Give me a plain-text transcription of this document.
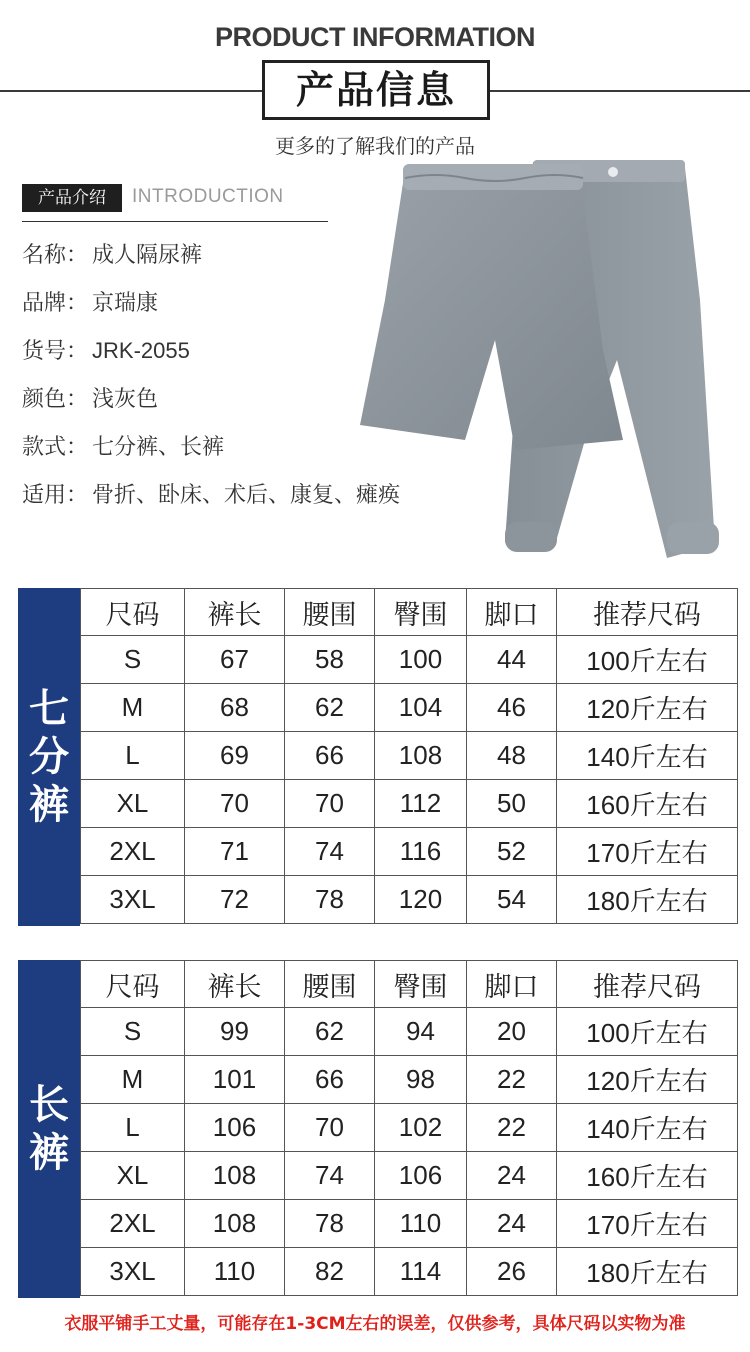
PRODUCT INFORMATION
产品信息
更多的了解我们的产品
产品介绍	INTRODUCTION
名称： 成人隔尿裤
品牌： 京瑞康
货号： JRK-2055
颜色： 浅灰色
款式： 七分裤、长裤
适用： 骨折、卧床、术后、康复、瘫痪
七
分
裤
尺码	裤长	腰围	臀围	脚口	推荐尺码
S	67	58	100	44	100斤左右
M	68	62	104	46	120斤左右
L	69	66	108	48	140斤左右
XL	70	70	112	50	160斤左右
2XL	71	74	116	52	170斤左右
3XL	72	78	120	54	180斤左右
长
裤
尺码	裤长	腰围	臀围	脚口	推荐尺码
S	99	62	94	20	100斤左右
M	101	66	98	22	120斤左右
L	106	70	102	22	140斤左右
XL	108	74	106	24	160斤左右
2XL	108	78	110	24	170斤左右
3XL	110	82	114	26	180斤左右
衣服平铺手工丈量，可能存在1-3CM左右的误差，仅供参考，具体尺码以实物为准
